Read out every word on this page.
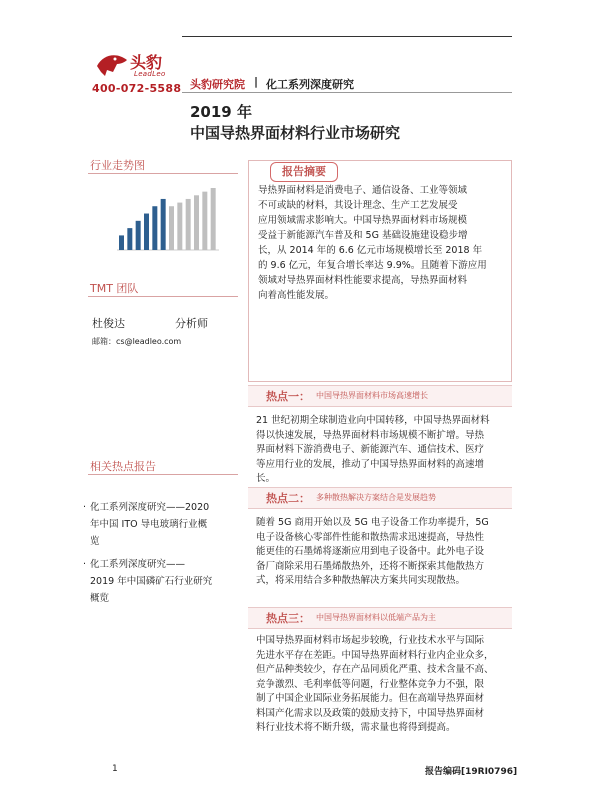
头豹
LeadLeo
400-072-5588 头豹研究院 | 化工系列深度研究
2019 年
中国导热界面材料行业市场研究
行业走势图
TMT 团队
杜俊达	分析师
邮箱：cs@leadleo.com
相关热点报告
· 化工系列深度研究——2020
年中国 ITO 导电玻璃行业概
览
· 化工系列深度研究——
2019 年中国磷矿石行业研究
概览
报告摘要
导热界面材料是消费电子、通信设备、工业等领域
不可或缺的材料，其设计理念、生产工艺发展受
应用领域需求影响大。中国导热界面材料市场规模
受益于新能源汽车普及和 5G 基础设施建设稳步增
长，从 2014 年的 6.6 亿元市场规模增长至 2018 年
的 9.6 亿元，年复合增长率达 9.9%。且随着下游应用
领域对导热界面材料性能要求提高，导热界面材料
向着高性能发展。
热点一： 中国导热界面材料市场高速增长
21 世纪初期全球制造业向中国转移，中国导热界面材料
得以快速发展，导热界面材料市场规模不断扩增。导热
界面材料下游消费电子、新能源汽车、通信技术、医疗
等应用行业的发展，推动了中国导热界面材料的高速增
长。
热点二： 多种散热解决方案结合是发展趋势
随着 5G 商用开始以及 5G 电子设备工作功率提升，5G
电子设备核心零部件性能和散热需求迅速提高，导热性
能更佳的石墨烯将逐渐应用到电子设备中。此外电子设
备厂商除采用石墨烯散热外，还将不断探索其他散热方
式，将采用结合多种散热解决方案共同实现散热。
热点三： 中国导热界面材料以低端产品为主
中国导热界面材料市场起步较晚，行业技术水平与国际
先进水平存在差距。中国导热界面材料行业内企业众多，
但产品种类较少，存在产品同质化严重、技术含量不高、
竞争激烈、毛利率低等问题，行业整体竞争力不强，限
制了中国企业国际业务拓展能力。但在高端导热界面材
料国产化需求以及政策的鼓励支持下，中国导热界面材
料行业技术将不断升级，需求量也将得到提高。
1	报告编码[19RI0796]
